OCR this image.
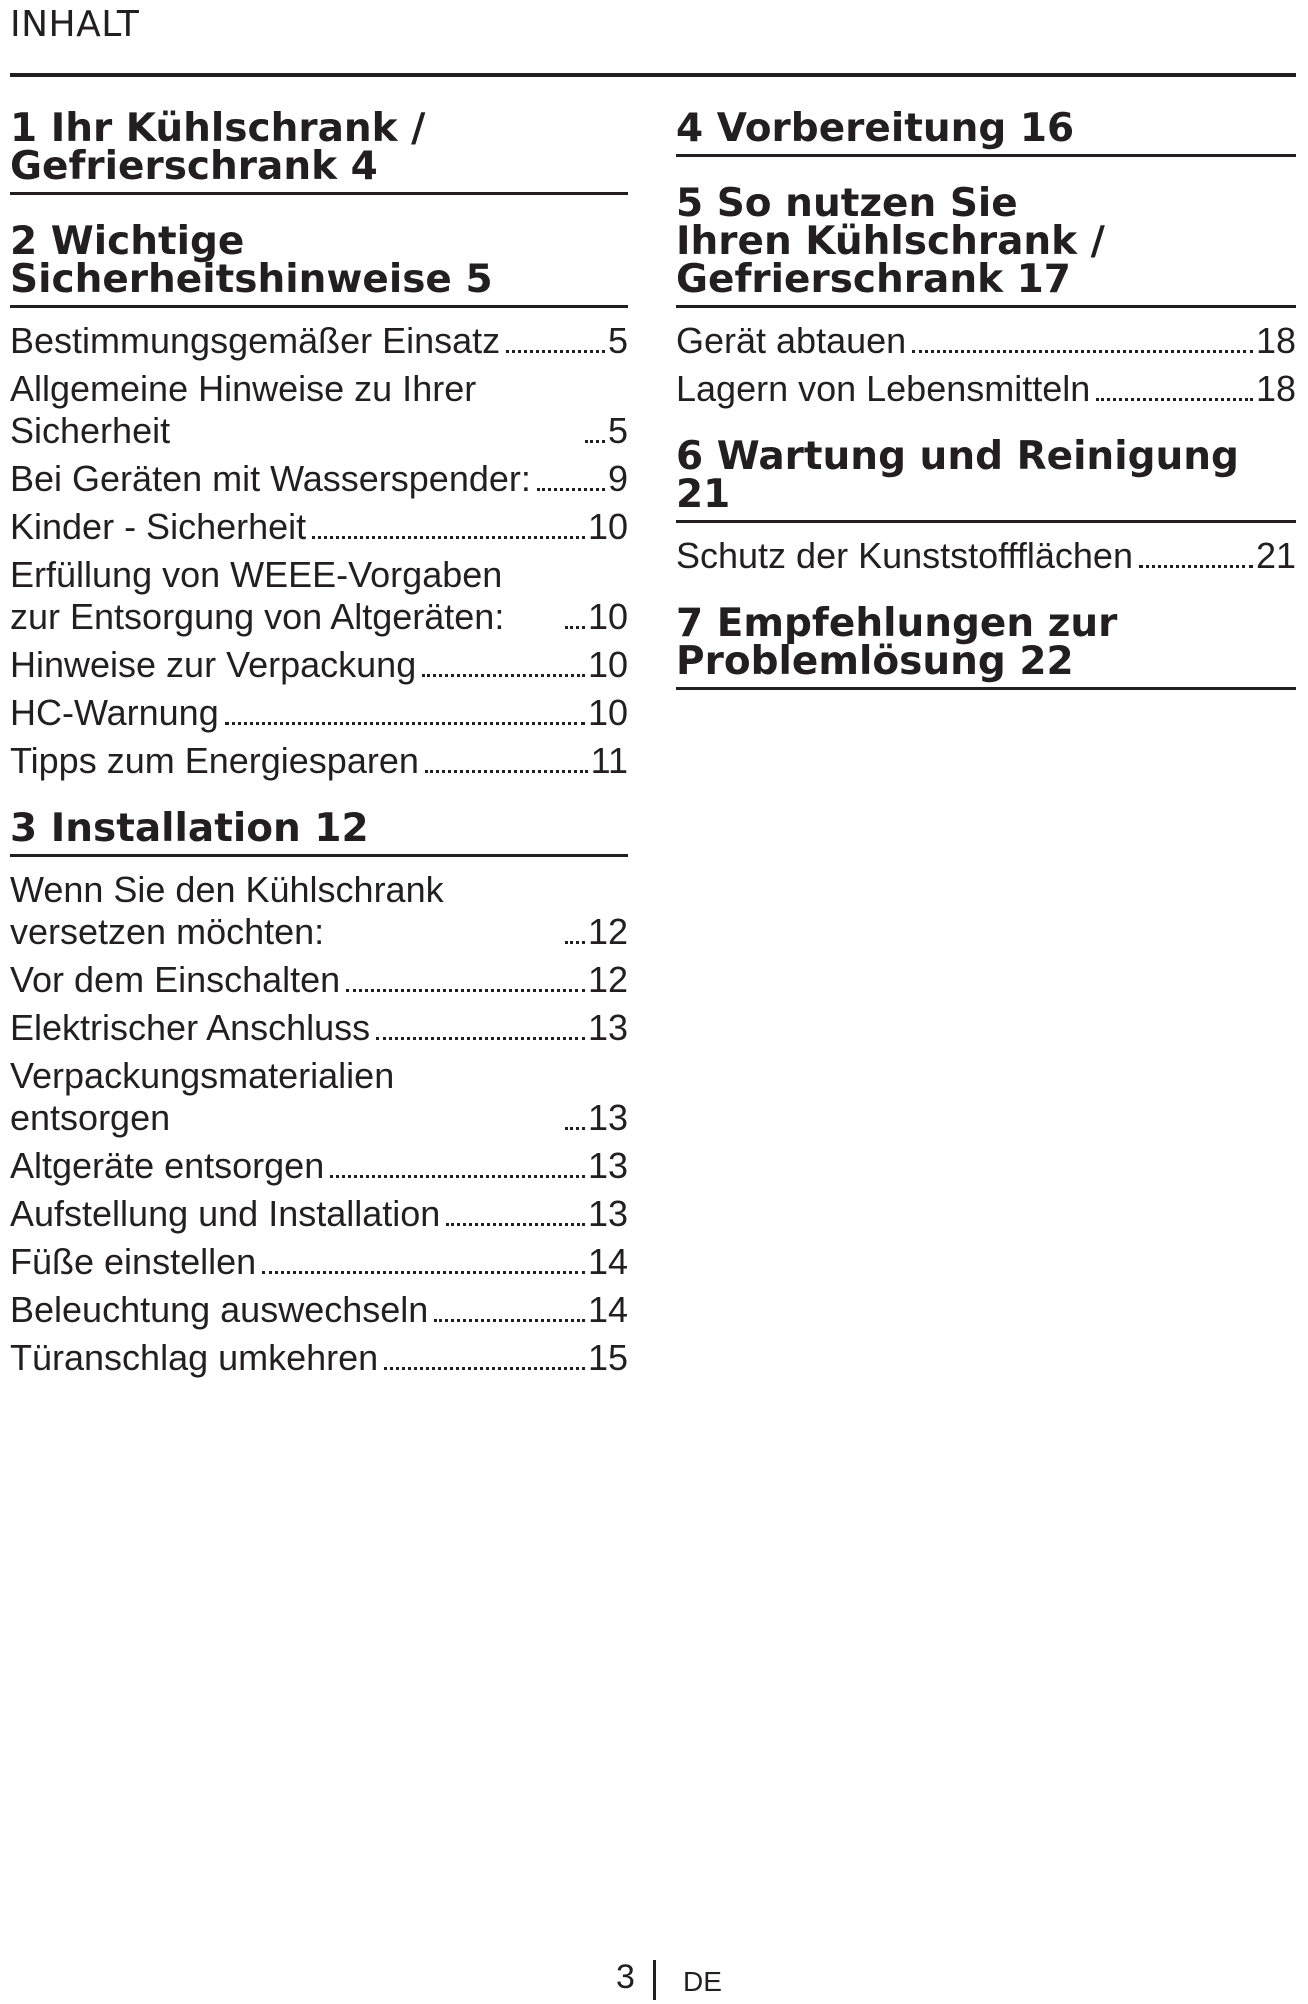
INHALT
1 Ihr Kühlschrank /
Gefrierschrank 4
2 Wichtige
Sicherheitshinweise 5
Bestimmungsgemäßer Einsatz	5
Allgemeine Hinweise zu Ihrer Sicherheit	5
Bei Geräten mit Wasserspender: 9
Kinder - Sicherheit	10
Erfüllung von WEEE-Vorgaben zur Entsorgung von Altgeräten:	10
Hinweise zur Verpackung	10
HC-Warnung	10
Tipps zum Energiesparen	11
3 Installation 12
Wenn Sie den Kühlschrank versetzen möchten:	12
Vor dem Einschalten	12
Elektrischer Anschluss	13
Verpackungsmaterialien entsorgen	13
Altgeräte entsorgen	13
Aufstellung und Installation	13
Füße einstellen	14
Beleuchtung auswechseln	14
Türanschlag umkehren	15
4 Vorbereitung 16
5 So nutzen Sie
Ihren Kühlschrank /
Gefrierschrank 17
Gerät abtauen	18
Lagern von Lebensmitteln	18
6 Wartung und Reinigung 21
Schutz der Kunststoffflächen	21
7 Empfehlungen zur
Problemlösung 22
3 DE
